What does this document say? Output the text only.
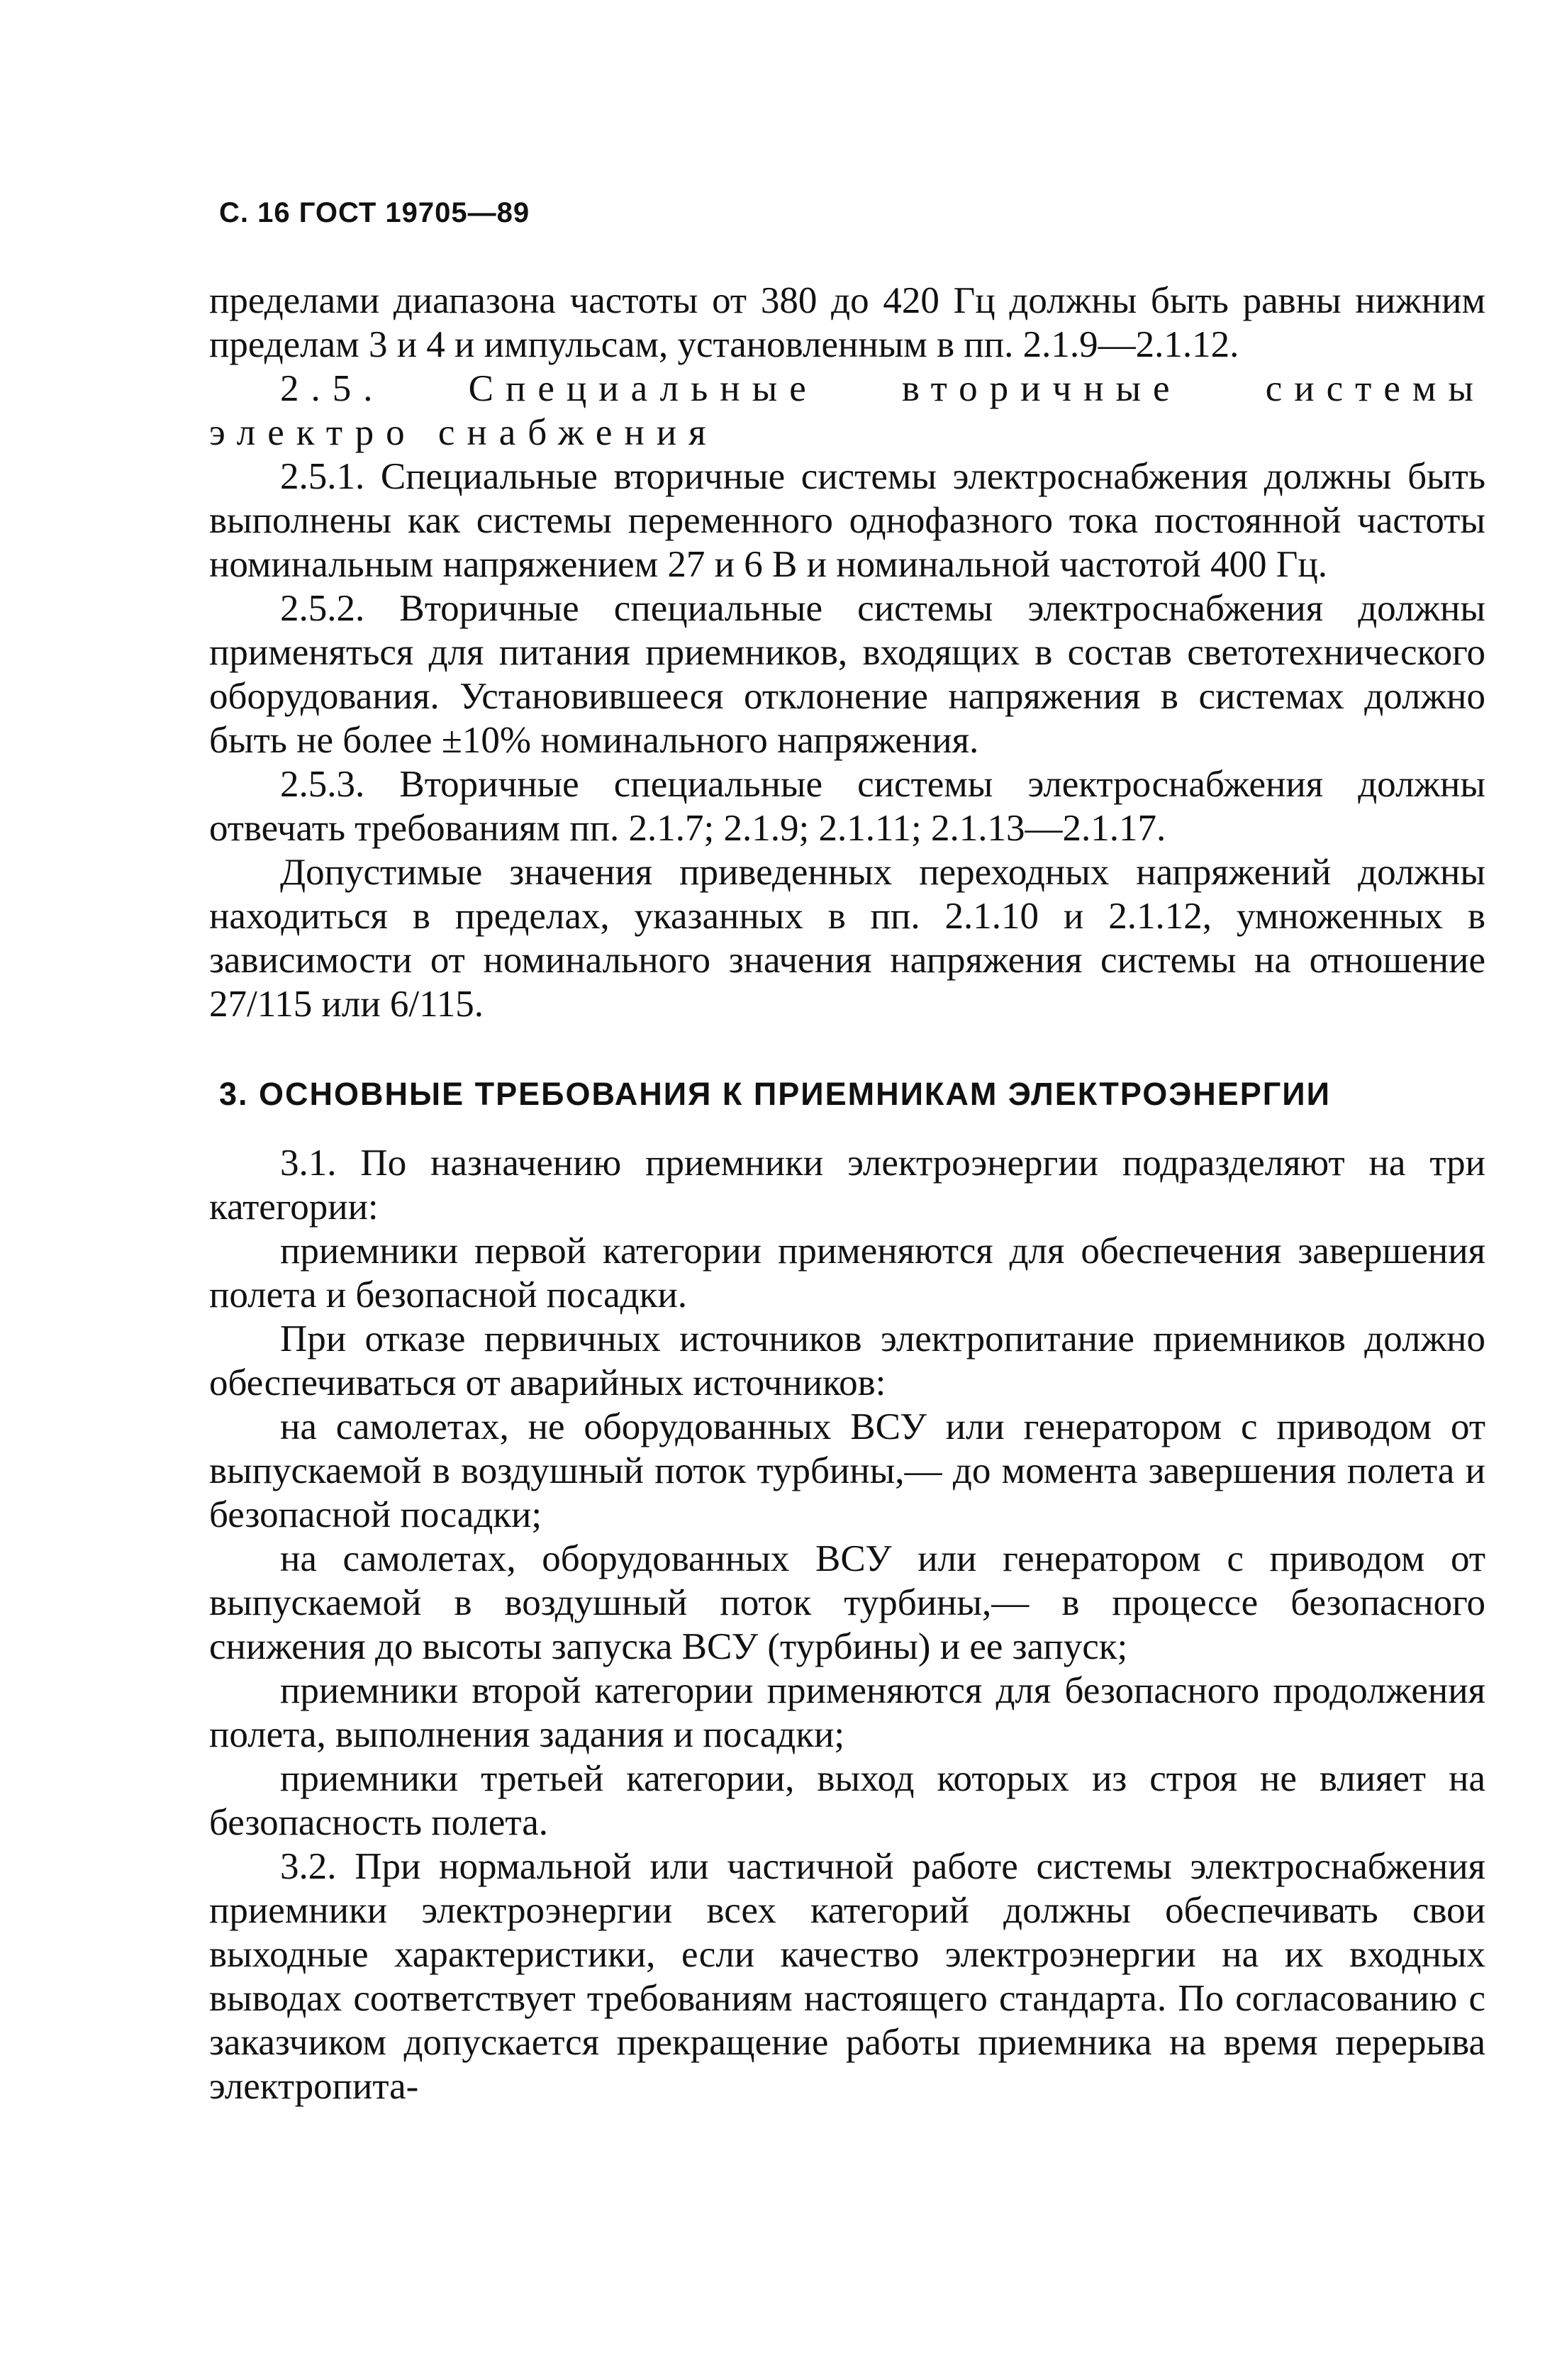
С. 16 ГОСТ 19705—89

пределами диапазона частоты от 380 до 420 Гц должны быть равны нижним пределам 3 и 4 и импульсам, установленным в пп. 2.1.9—2.1.12.

2.5. Специальные вторичные системы электро снабжения

2.5.1. Специальные вторичные системы электроснабжения должны быть выполнены как системы переменного однофазного тока постоянной частоты номинальным напряжением 27 и 6 В и номинальной частотой 400 Гц.

2.5.2. Вторичные специальные системы электроснабжения должны применяться для питания приемников, входящих в состав светотехнического оборудования. Установившееся отклонение напряжения в системах должно быть не более ±10% номинального напряжения.

2.5.3. Вторичные специальные системы электроснабжения должны отвечать требованиям пп. 2.1.7; 2.1.9; 2.1.11; 2.1.13—2.1.17.

Допустимые значения приведенных переходных напряжений должны находиться в пределах, указанных в пп. 2.1.10 и 2.1.12, умноженных в зависимости от номинального значения напряжения системы на отношение 27/115 или 6/115.

3. ОСНОВНЫЕ ТРЕБОВАНИЯ К ПРИЕМНИКАМ ЭЛЕКТРОЭНЕРГИИ

3.1. По назначению приемники электроэнергии подразделяют на три категории:

приемники первой категории применяются для обеспечения завершения полета и безопасной посадки.

При отказе первичных источников электропитание приемников должно обеспечиваться от аварийных источников:

на самолетах, не оборудованных ВСУ или генератором с приводом от выпускаемой в воздушный поток турбины,— до момента завершения полета и безопасной посадки;

на самолетах, оборудованных ВСУ или генератором с приводом от выпускаемой в воздушный поток турбины,— в процессе безопасного снижения до высоты запуска ВСУ (турбины) и ее запуск;

приемники второй категории применяются для безопасного продолжения полета, выполнения задания и посадки;

приемники третьей категории, выход которых из строя не влияет на безопасность полета.

3.2. При нормальной или частичной работе системы электроснабжения приемники электроэнергии всех категорий должны обеспечивать свои выходные характеристики, если качество электроэнергии на их входных выводах соответствует требованиям настоящего стандарта. По согласованию с заказчиком допускается прекращение работы приемника на время перерыва электропита-
